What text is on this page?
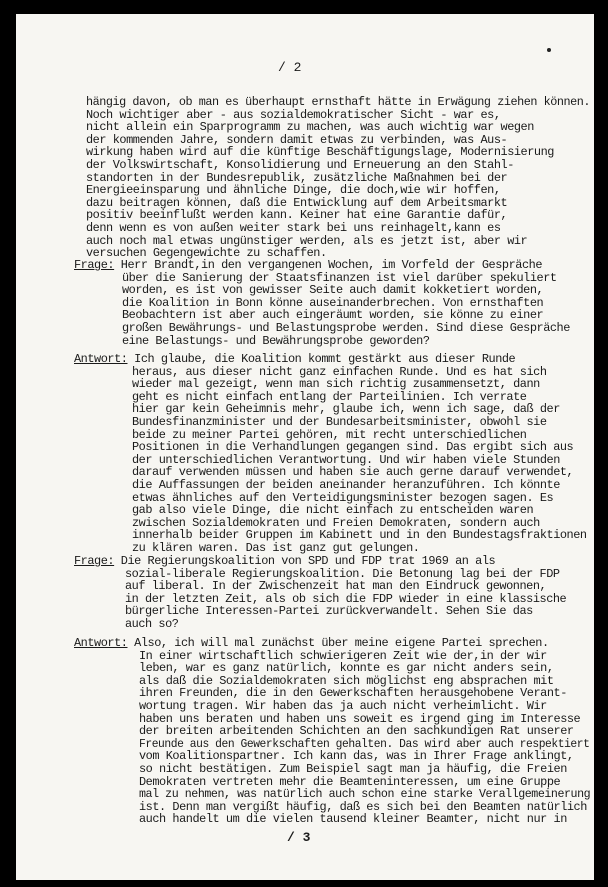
/ 2
hängig davon, ob man es überhaupt ernsthaft hätte in Erwägung ziehen können.
Noch wichtiger aber - aus sozialdemokratischer Sicht - war es,
nicht allein ein Sparprogramm zu machen, was auch wichtig war wegen
der kommenden Jahre, sondern damit etwas zu verbinden, was Aus-
wirkung haben wird auf die künftige Beschäftigungslage, Modernisierung
der Volkswirtschaft, Konsolidierung und Erneuerung an den Stahl-
standorten in der Bundesrepublik, zusätzliche Maßnahmen bei der
Energieeinsparung und ähnliche Dinge, die doch,wie wir hoffen,
dazu beitragen können, daß die Entwicklung auf dem Arbeitsmarkt
positiv beeinflußt werden kann. Keiner hat eine Garantie dafür,
denn wenn es von außen weiter stark bei uns reinhagelt,kann es
auch noch mal etwas ungünstiger werden, als es jetzt ist, aber wir
versuchen Gegengewichte zu schaffen.
Frage: Herr Brandt,in den vergangenen Wochen, im Vorfeld der Gespräche
über die Sanierung der Staatsfinanzen ist viel darüber spekuliert
worden, es ist von gewisser Seite auch damit kokketiert worden,
die Koalition in Bonn könne auseinanderbrechen. Von ernsthaften
Beobachtern ist aber auch eingeräumt worden, sie könne zu einer
großen Bewährungs- und Belastungsprobe werden. Sind diese Gespräche
eine Belastungs- und Bewährungsprobe geworden?
Antwort: Ich glaube, die Koalition kommt gestärkt aus dieser Runde
heraus, aus dieser nicht ganz einfachen Runde. Und es hat sich
wieder mal gezeigt, wenn man sich richtig zusammensetzt, dann
geht es nicht einfach entlang der Parteilinien. Ich verrate
hier gar kein Geheimnis mehr, glaube ich, wenn ich sage, daß der
Bundesfinanzminister und der Bundesarbeitsminister, obwohl sie
beide zu meiner Partei gehören, mit recht unterschiedlichen
Positionen in die Verhandlungen gegangen sind. Das ergibt sich aus
der unterschiedlichen Verantwortung. Und wir haben viele Stunden
darauf verwenden müssen und haben sie auch gerne darauf verwendet,
die Auffassungen der beiden aneinander heranzuführen. Ich könnte
etwas ähnliches auf den Verteidigungsminister bezogen sagen. Es
gab also viele Dinge, die nicht einfach zu entscheiden waren
zwischen Sozialdemokraten und Freien Demokraten, sondern auch
innerhalb beider Gruppen im Kabinett und in den Bundestagsfraktionen
zu klären waren. Das ist ganz gut gelungen.
Frage: Die Regierungskoalition von SPD und FDP trat 1969 an als
sozial-liberale Regierungskoalition. Die Betonung lag bei der FDP
auf liberal. In der Zwischenzeit hat man den Eindruck gewonnen,
in der letzten Zeit, als ob sich die FDP wieder in eine klassische
bürgerliche Interessen-Partei zurückverwandelt. Sehen Sie das
auch so?
Antwort: Also, ich will mal zunächst über meine eigene Partei sprechen.
In einer wirtschaftlich schwierigeren Zeit wie der,in der wir
leben, war es ganz natürlich, konnte es gar nicht anders sein,
als daß die Sozialdemokraten sich möglichst eng absprachen mit
ihren Freunden, die in den Gewerkschaften herausgehobene Verant-
wortung tragen. Wir haben das ja auch nicht verheimlicht. Wir
haben uns beraten und haben uns soweit es irgend ging im Interesse
der breiten arbeitenden Schichten an den sachkundigen Rat unserer
Freunde aus den Gewerkschaften gehalten. Das wird aber auch respektiert
vom Koalitionspartner. Ich kann das, was in Ihrer Frage anklingt,
so nicht bestätigen. Zum Beispiel sagt man ja häufig, die Freien
Demokraten vertreten mehr die Beamteninteressen, um eine Gruppe
mal zu nehmen, was natürlich auch schon eine starke Verallgemeinerung
ist. Denn man vergißt häufig, daß es sich bei den Beamten natürlich
auch handelt um die vielen tausend kleiner Beamter, nicht nur in
/ 3
